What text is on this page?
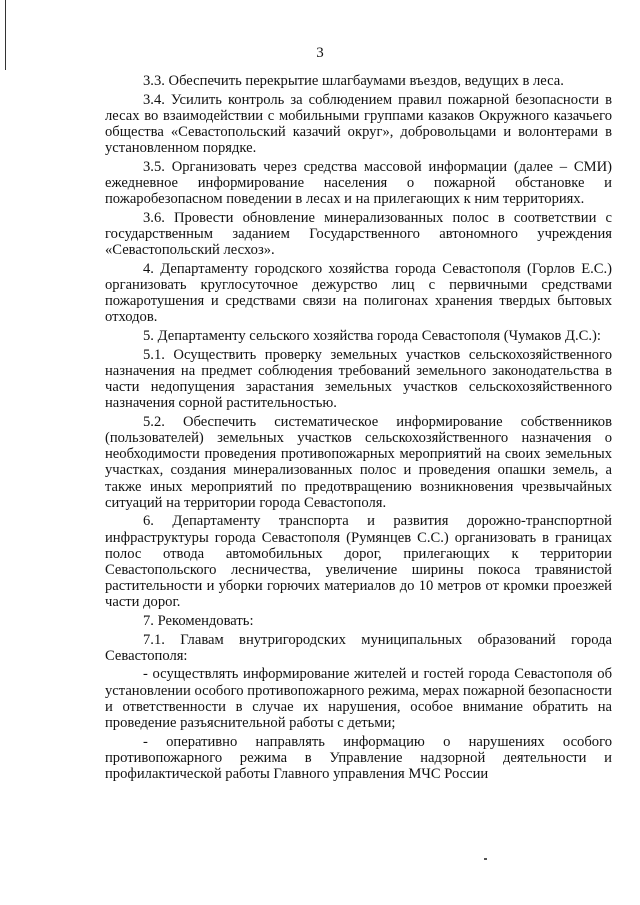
3

3.3. Обеспечить перекрытие шлагбаумами въездов, ведущих в леса.

3.4. Усилить контроль за соблюдением правил пожарной безопасности в лесах во взаимодействии с мобильными группами казаков Окружного казачьего общества «Севастопольский казачий округ», добровольцами и волонтерами в установленном порядке.

3.5. Организовать через средства массовой информации (далее – СМИ) ежедневное информирование населения о пожарной обстановке и пожаробезопасном поведении в лесах и на прилегающих к ним территориях.

3.6. Провести обновление минерализованных полос в соответствии с государственным заданием Государственного автономного учреждения «Севастопольский лесхоз».

4. Департаменту городского хозяйства города Севастополя (Горлов Е.С.) организовать круглосуточное дежурство лиц с первичными средствами пожаротушения и средствами связи на полигонах хранения твердых бытовых отходов.

5. Департаменту сельского хозяйства города Севастополя (Чумаков Д.С.):

5.1. Осуществить проверку земельных участков сельскохозяйственного назначения на предмет соблюдения требований земельного законодательства в части недопущения зарастания земельных участков сельскохозяйственного назначения сорной растительностью.

5.2. Обеспечить систематическое информирование собственников (пользователей) земельных участков сельскохозяйственного назначения о необходимости проведения противопожарных мероприятий на своих земельных участках, создания минерализованных полос и проведения опашки земель, а также иных мероприятий по предотвращению возникновения чрезвычайных ситуаций на территории города Севастополя.

6. Департаменту транспорта и развития дорожно-транспортной инфраструктуры города Севастополя (Румянцев С.С.) организовать в границах полос отвода автомобильных дорог, прилегающих к территории Севастопольского лесничества, увеличение ширины покоса травянистой растительности и уборки горючих материалов до 10 метров от кромки проезжей части дорог.

7. Рекомендовать:

7.1. Главам внутригородских муниципальных образований города Севастополя:

- осуществлять информирование жителей и гостей города Севастополя об установлении особого противопожарного режима, мерах пожарной безопасности и ответственности в случае их нарушения, особое внимание обратить на проведение разъяснительной работы с детьми;

- оперативно направлять информацию о нарушениях особого противопожарного режима в Управление надзорной деятельности и профилактической работы Главного управления МЧС России
